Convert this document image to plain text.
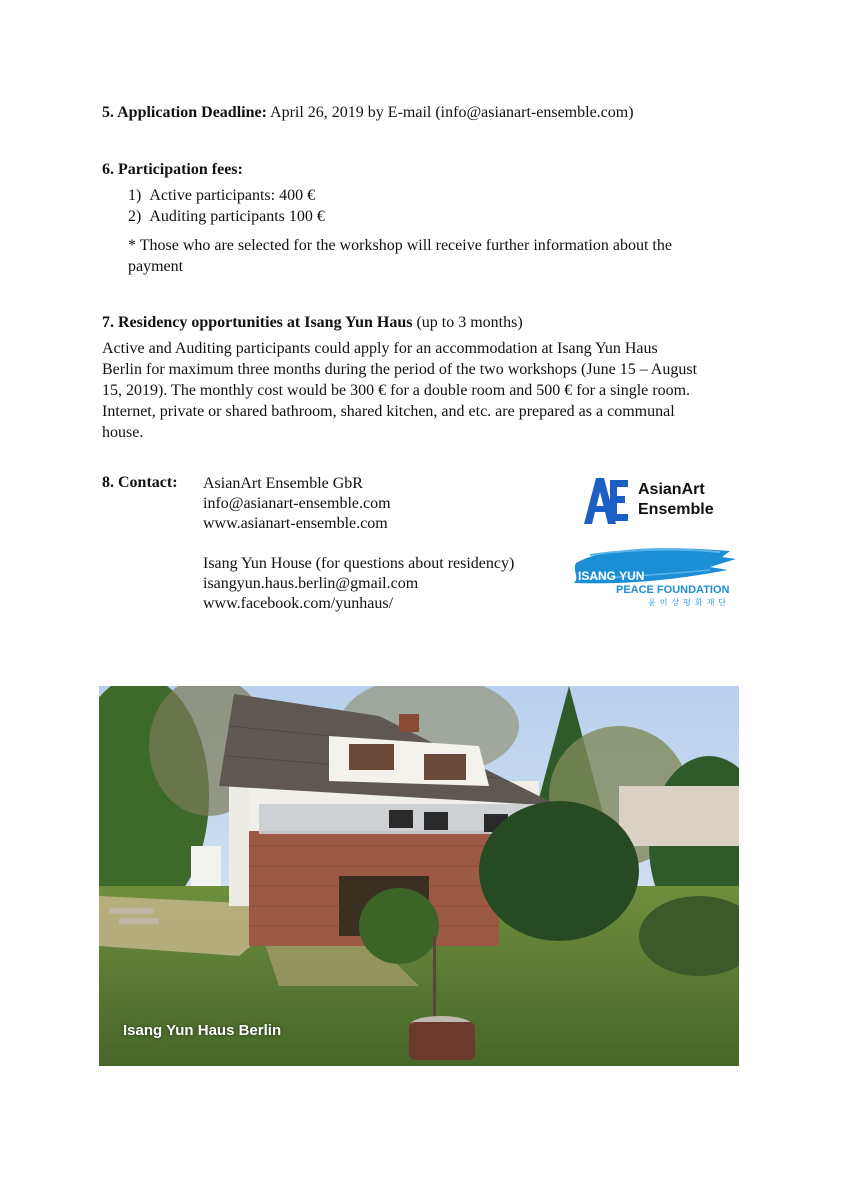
5. Application Deadline: April 26, 2019 by E-mail (info@asianart-ensemble.com)
6. Participation fees:
1)  Active participants: 400 €
2)  Auditing participants 100 €
* Those who are selected for the workshop will receive further information about the
payment
7. Residency opportunities at Isang Yun Haus (up to 3 months)
Active and Auditing participants could apply for an accommodation at Isang Yun Haus
Berlin for maximum three months during the period of the two workshops (June 15 – August
15, 2019). The monthly cost would be 300 € for a double room and 500 € for a single room.
Internet, private or shared bathroom, shared kitchen, and etc. are prepared as a communal
house.
8. Contact: AsianArt Ensemble GbR
info@asianart-ensemble.com
www.asianart-ensemble.com
Isang Yun House (for questions about residency)
isangyun.haus.berlin@gmail.com
www.facebook.com/yunhaus/
AsianArt
Ensemble
ISANG YUN
PEACE FOUNDATION
윤이상평화재단
Isang Yun Haus Berlin
